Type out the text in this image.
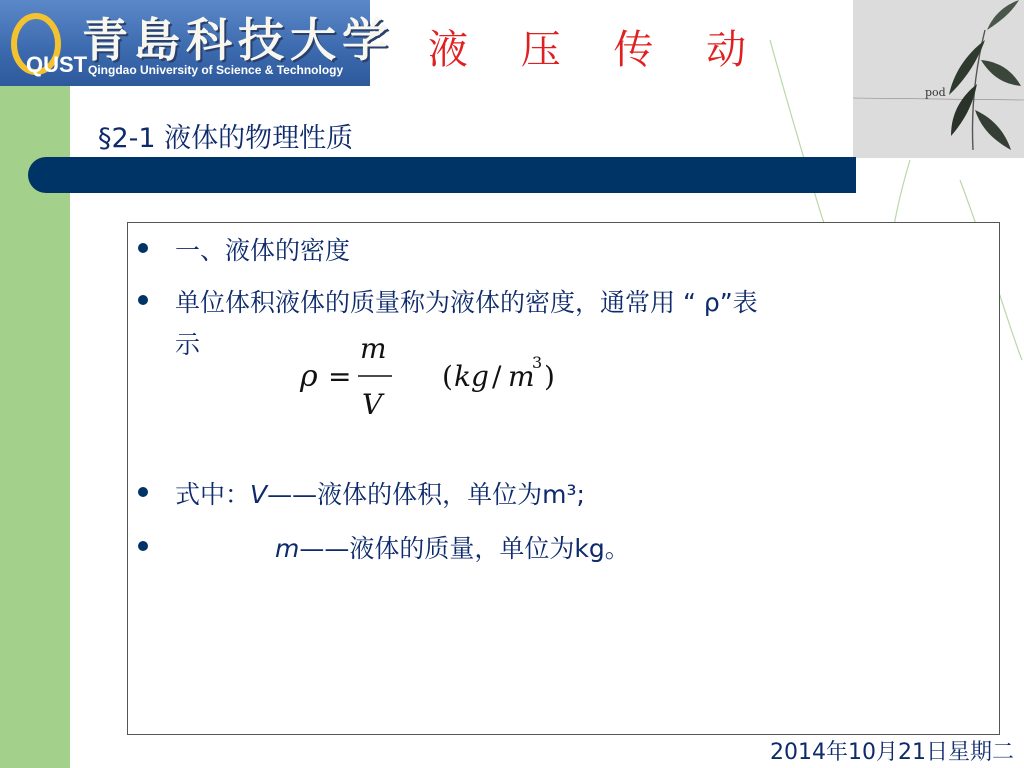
QUST
青島科技大学
Qingdao University of Science & Technology 液 压 传 动
pod
§2-1 液体的物理性质
一、液体的密度
单位体积液体的质量称为液体的密度，通常用 “ ρ”表
示
ρ =
m
V
( kg / m
3 )
式中：V——液体的体积，单位为m³;
m——液体的质量，单位为kg。
2014年10月21日星期二
